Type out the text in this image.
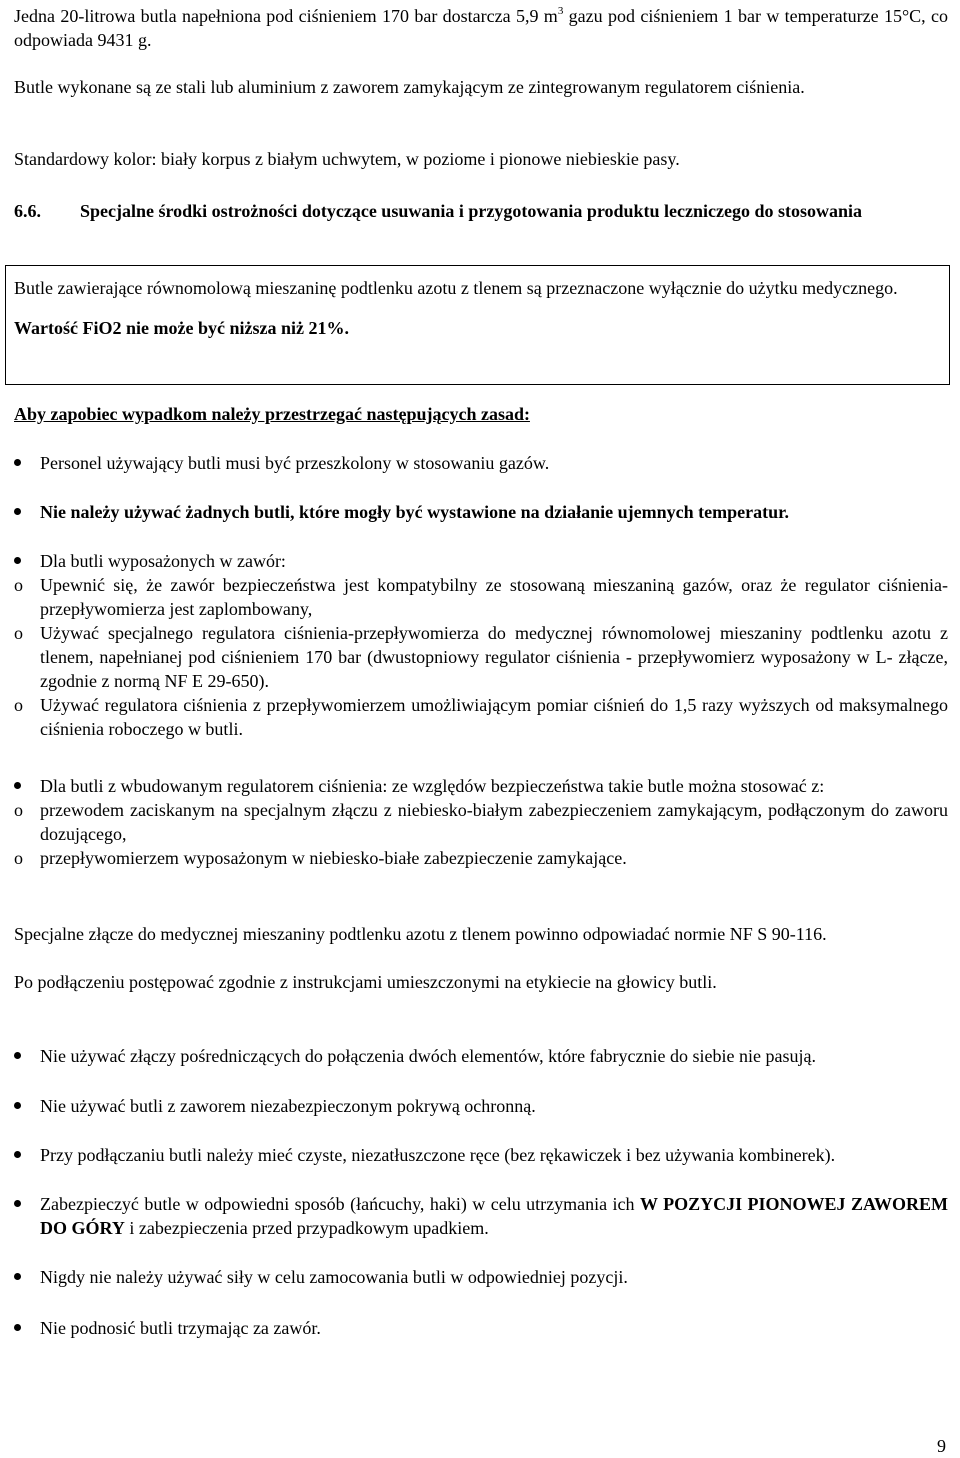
Jedna 20-litrowa butla napełniona pod ciśnieniem 170 bar dostarcza 5,9 $m^3$ gazu pod ciśnieniem 1 bar w temperaturze 15°C, co odpowiada 9431 g.

Butle wykonane są ze stali lub aluminium z zaworem zamykającym ze zintegrowanym regulatorem ciśnienia.

Standardowy kolor: biały korpus z białym uchwytem, w poziome i pionowe niebieskie pasy.

6.6. Specjalne środki ostrożności dotyczące usuwania i przygotowania produktu leczniczego do stosowania

Butle zawierające równomolową mieszaninę podtlenku azotu z tlenem są przeznaczone wyłącznie do użytku medycznego.

Wartość FiO2 nie może być niższa niż 21%.

Aby zapobiec wypadkom należy przestrzegać następujących zasad:

Personel używający butli musi być przeszkolony w stosowaniu gazów.

Nie należy używać żadnych butli, które mogły być wystawione na działanie ujemnych temperatur.

Dla butli wyposażonych w zawór:

o Upewnić się, że zawór bezpieczeństwa jest kompatybilny ze stosowaną mieszaniną gazów, oraz że regulator ciśnienia-przepływomierza jest zaplombowany,

o Używać specjalnego regulatora ciśnienia-przepływomierza do medycznej równomolowej mieszaniny podtlenku azotu z tlenem, napełnianej pod ciśnieniem 170 bar (dwustopniowy regulator ciśnienia - przepływomierz wyposażony w L- złącze, zgodnie z normą NF E 29-650).

o Używać regulatora ciśnienia z przepływomierzem umożliwiającym pomiar ciśnień do 1,5 razy wyższych od maksymalnego ciśnienia roboczego w butli.

Dla butli z wbudowanym regulatorem ciśnienia: ze względów bezpieczeństwa takie butle można stosować z:

o przewodem zaciskanym na specjalnym złączu z niebiesko-białym zabezpieczeniem zamykającym, podłączonym do zaworu dozującego,

o przepływomierzem wyposażonym w niebiesko-białe zabezpieczenie zamykające.

Specjalne złącze do medycznej mieszaniny podtlenku azotu z tlenem powinno odpowiadać normie NF S 90-116.

Po podłączeniu postępować zgodnie z instrukcjami umieszczonymi na etykiecie na głowicy butli.

Nie używać złączy pośredniczących do połączenia dwóch elementów, które fabrycznie do siebie nie pasują.

Nie używać butli z zaworem niezabezpieczonym pokrywą ochronną.

Przy podłączaniu butli należy mieć czyste, niezatłuszczone ręce (bez rękawiczek i bez używania kombinerek).

Zabezpieczyć butle w odpowiedni sposób (łańcuchy, haki) w celu utrzymania ich W POZYCJI PIONOWEJ ZAWOREM DO GÓRY i zabezpieczenia przed przypadkowym upadkiem.

Nigdy nie należy używać siły w celu zamocowania butli w odpowiedniej pozycji.

Nie podnosić butli trzymając za zawór.

9
